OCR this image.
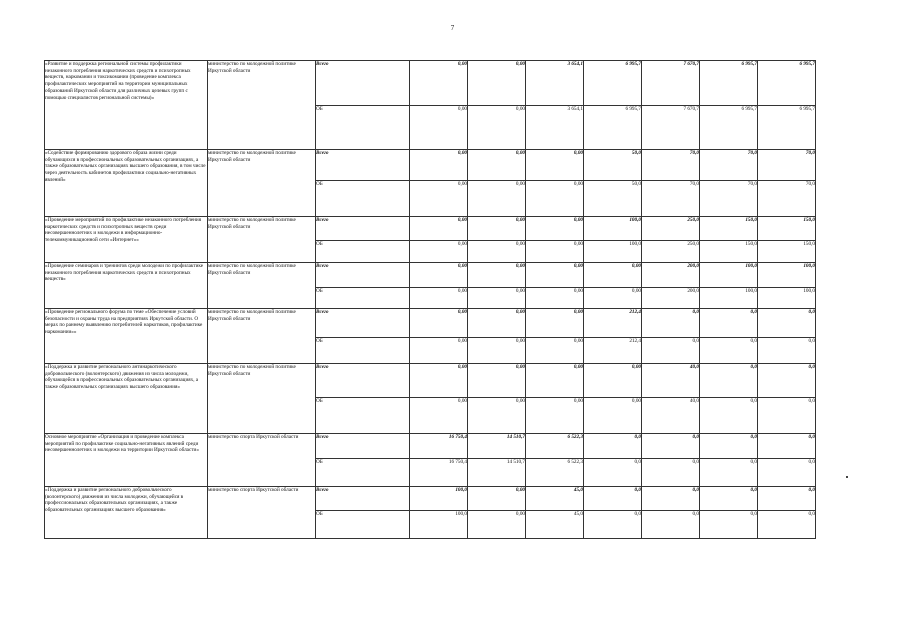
7
«Развитие и поддержка региональной системы профилактики незаконного потребления наркотических средств и психотропных веществ, наркомании и токсикомании (проведение комплекса профилактических мероприятий на территории муниципальных образований Иркутской области для различных целевых групп с помощью специалистов региональной системы)»	министерство по молодежной политике Иркутской области	Всего	0,00	0,00	3 654,1	6 995,7	7 670,7	6 995,7	6 995,7
		ОБ	0,00	0,00	3 654,1	6 995,7	7 670,7	6 995,7	6 995,7
«Содействие формированию здорового образа жизни среди обучающихся в профессиональных образовательных организациях, а также образовательных организациях высшего образования, в том числе через деятельность кабинетов профилактики социально-негативных явлений»	министерство по молодежной политике Иркутской области	Всего	0,00	0,00	0,00	50,0	70,0	70,0	70,0
		ОБ	0,00	0,00	0,00	50,0	70,0	70,0	70,0
«Проведение мероприятий по профилактике незаконного потребления наркотических средств и психотропных веществ среди несовершеннолетних и молодежи в информационно-телекоммуникационной сети «Интернет»»	министерство по молодежной политике Иркутской области	Всего	0,00	0,00	0,00	100,0	250,0	150,0	150,0
		ОБ	0,00	0,00	0,00	100,0	250,0	150,0	150,0
«Проведение семинаров и тренингов среди молодежи по профилактике незаконного потребления наркотических средств и психотропных веществ»	министерство по молодежной политике Иркутской области	Всего	0,00	0,00	0,00	0,00	200,0	100,0	100,0
		ОБ	0,00	0,00	0,00	0,00	200,0	100,0	100,0
«Проведение регионального форума по теме «Обеспечение условий безопасности и охраны труда на предприятиях Иркутской области. О мерах по раннему выявлению потребителей наркотиков, профилактике наркомании»»	министерство по молодежной политике Иркутской области	Всего	0,00	0,00	0,00	212,4	0,0	0,0	0,0
		ОБ	0,00	0,00	0,00	212,4	0,0	0,0	0,0
«Поддержка и развитие регионального антинаркотического добровольческого (волонтерского) движения из числа молодежи, обучающейся в профессиональных образовательных организациях, а также образовательных организациях высшего образования»	министерство по молодежной политике Иркутской области	Всего	0,00	0,00	0,00	0,00	40,0	0,0	0,0
		ОБ	0,00	0,00	0,00	0,00	40,0	0,0	0,0
Основное мероприятие «Организация и проведение комплекса мероприятий по профилактике социально-негативных явлений среди несовершеннолетних и молодежи на территории Иркутской области»	министерство спорта Иркутской области	Всего	16 750,4	14 510,7	6 522,3	0,0	0,0	0,0	0,0
		ОБ	16 750,4	14 510,7	6 522,3	0,0	0,0	0,0	0,0
«Поддержка и развитие регионального добровольческого (волонтерского) движения из числа молодежи, обучающейся в профессиональных образовательных организациях, а также образовательных организациях высшего образования»	министерство спорта Иркутской области	Всего	100,0	0,00	45,0	0,0	0,0	0,0	0,0
		ОБ	100,0	0,00	45,0	0,0	0,0	0,0	0,0
